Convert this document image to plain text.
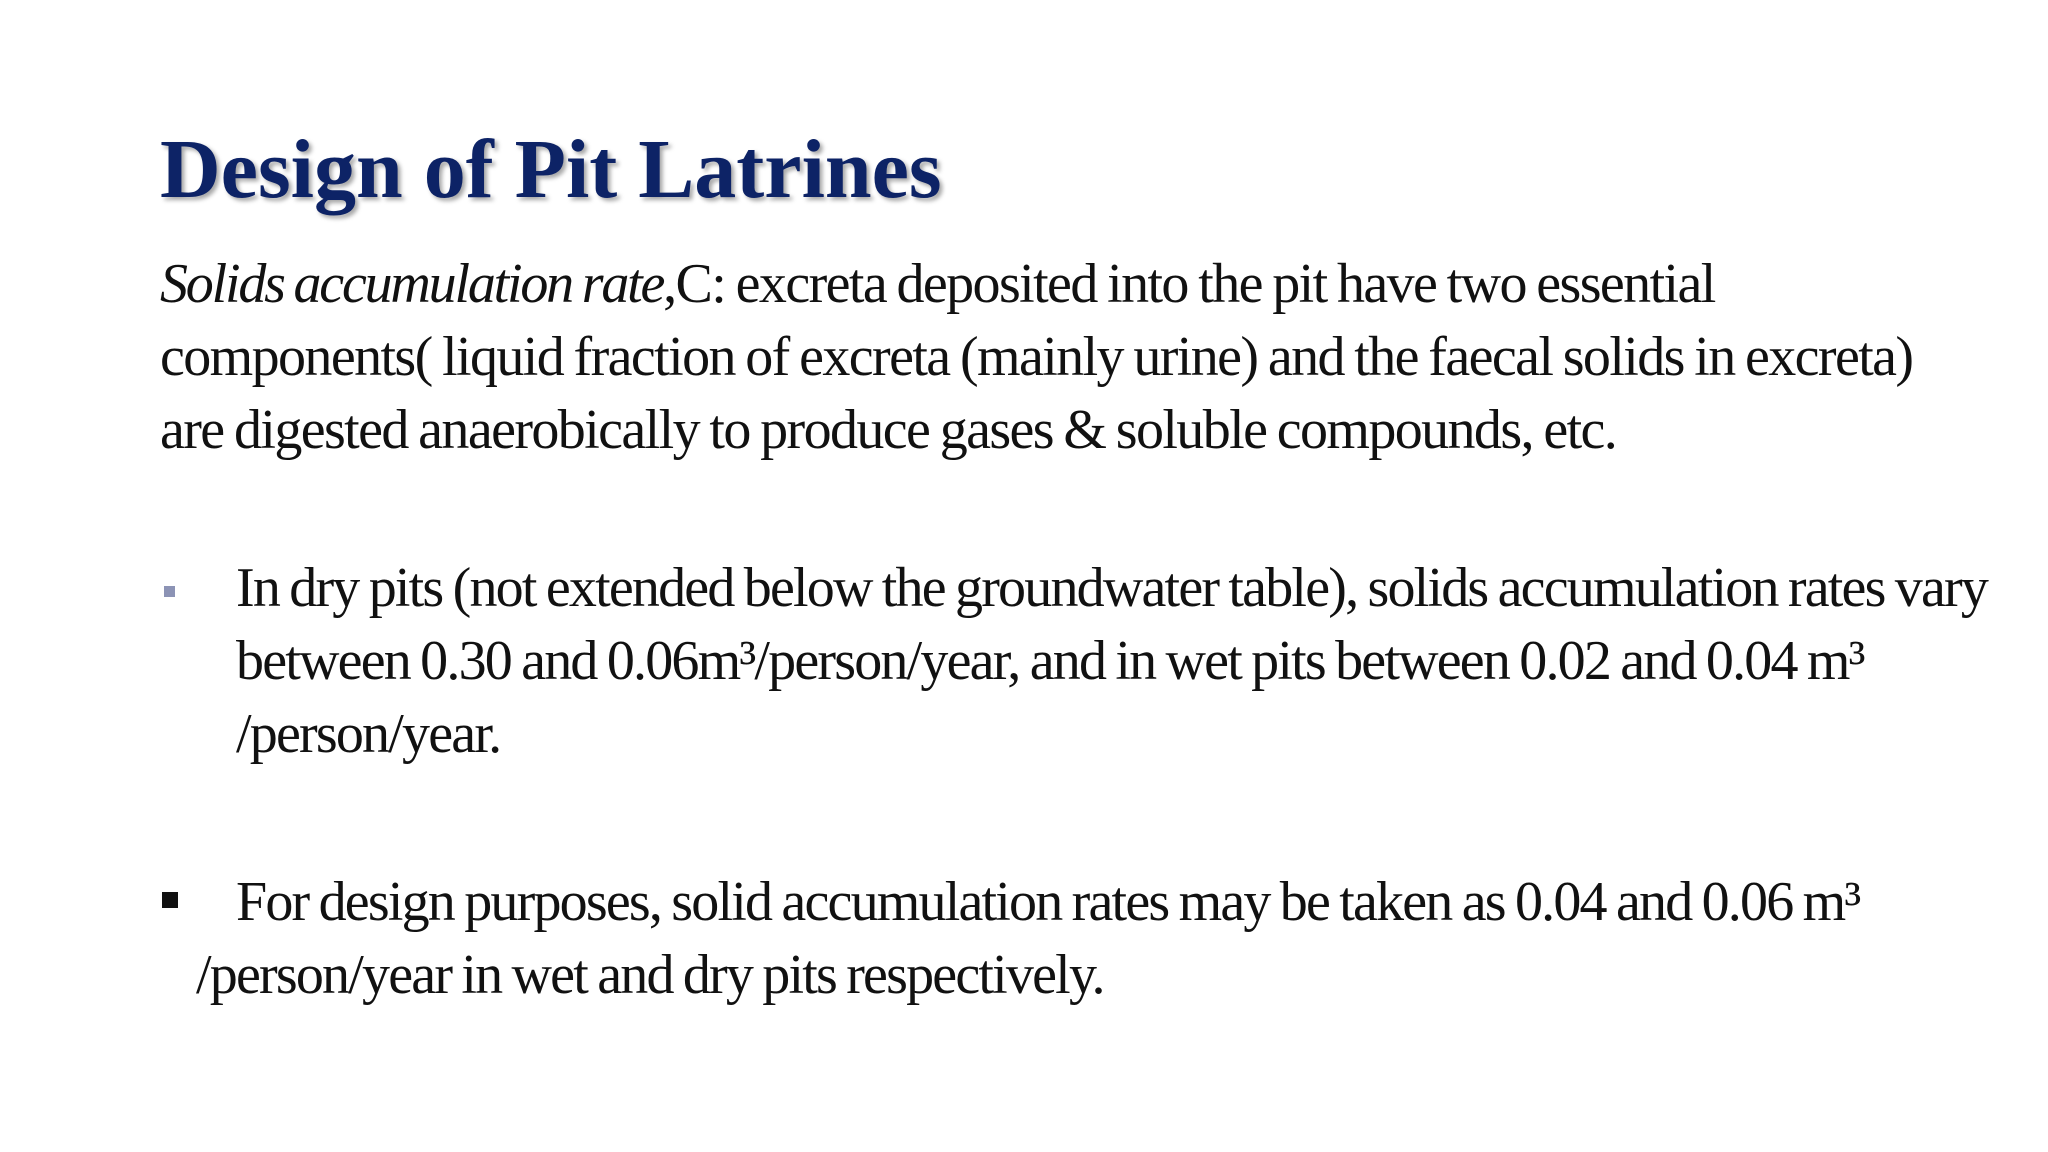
Design of Pit Latrines

Solids accumulation rate,C: excreta deposited into the pit have two essential components( liquid fraction of excreta (mainly urine) and the faecal solids in excreta) are digested anaerobically to produce gases & soluble compounds, etc.

In dry pits (not extended below the groundwater table), solids accumulation rates vary between 0.30 and 0.06m³/person/year, and in wet pits between 0.02 and 0.04 m³ /person/year.

For design purposes, solid accumulation rates may be taken as 0.04 and 0.06 m³ /person/year in wet and dry pits respectively.
